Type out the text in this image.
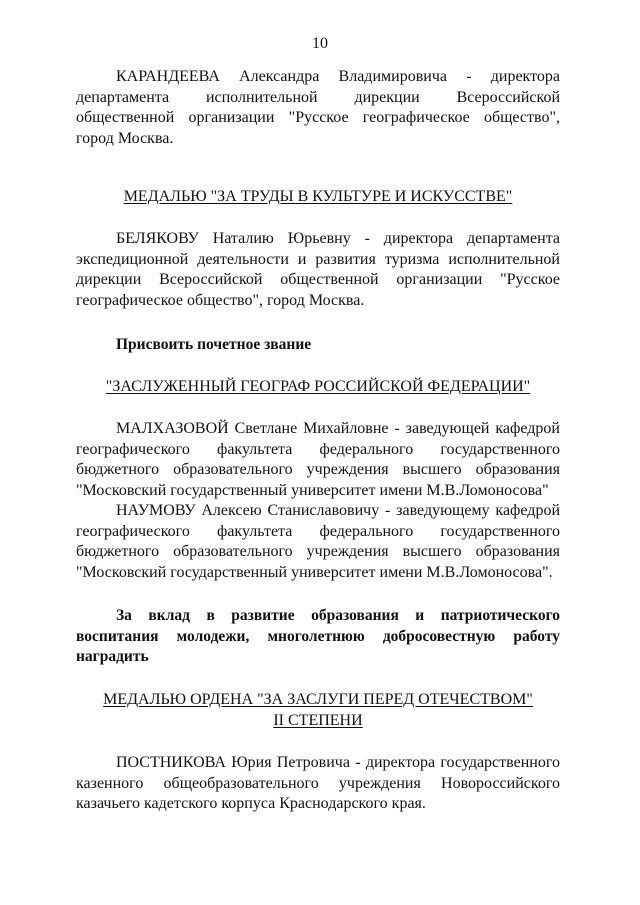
10

КАРАНДЕЕВА Александра Владимировича - директора департамента исполнительной дирекции Всероссийской общественной организации "Русское географическое общество", город Москва.

МЕДАЛЬЮ "ЗА ТРУДЫ В КУЛЬТУРЕ И ИСКУССТВЕ"

БЕЛЯКОВУ Наталию Юрьевну - директора департамента экспедиционной деятельности и развития туризма исполнительной дирекции Всероссийской общественной организации "Русское географическое общество", город Москва.

Присвоить почетное звание
"ЗАСЛУЖЕННЫЙ ГЕОГРАФ РОССИЙСКОЙ ФЕДЕРАЦИИ"

МАЛХАЗОВОЙ Светлане Михайловне - заведующей кафедрой географического факультета федерального государственного бюджетного образовательного учреждения высшего образования "Московский государственный университет имени М.В.Ломоносова"

НАУМОВУ Алексею Станиславовичу - заведующему кафедрой географического факультета федерального государственного бюджетного образовательного учреждения высшего образования "Московский государственный университет имени М.В.Ломоносова".

За вклад в развитие образования и патриотического воспитания молодежи, многолетнюю добросовестную работу наградить

МЕДАЛЬЮ ОРДЕНА "ЗА ЗАСЛУГИ ПЕРЕД ОТЕЧЕСТВОМ"
II СТЕПЕНИ

ПОСТНИКОВА Юрия Петровича - директора государственного казенного общеобразовательного учреждения Новороссийского казачьего кадетского корпуса Краснодарского края.
